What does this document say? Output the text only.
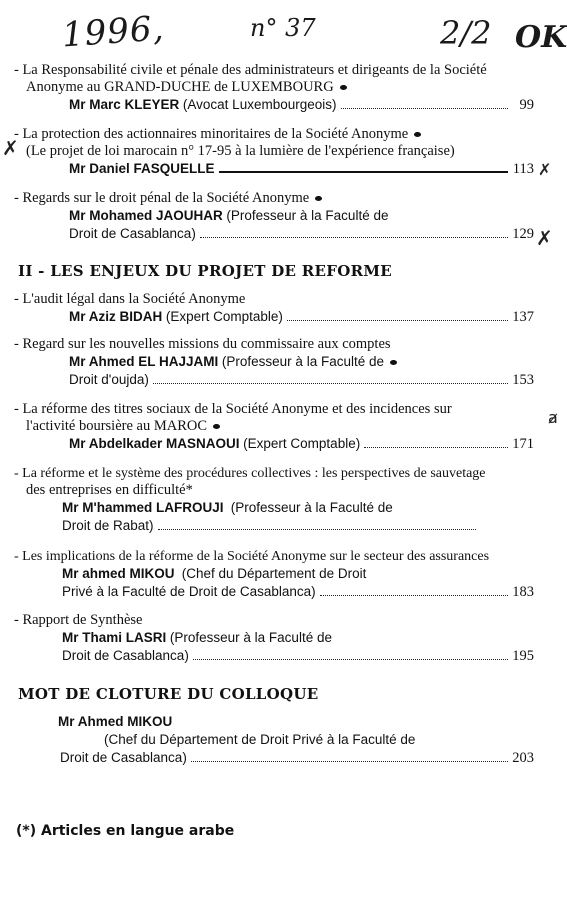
1996,	n° 37	2/2 OK
✗
✗
✗
ⱥ
- La Responsabilité civile et pénale des administrateurs et dirigeants de la Société
Anonyme au GRAND-DUCHE de LUXEMBOURG
Mr Marc KLEYER
(Avocat Luxembourgeois)	99
- La protection des actionnaires minoritaires de la Société Anonyme
(Le projet de loi marocain n° 17-95 à la lumière de l'expérience française)
Mr Daniel FASQUELLE	113
- Regards sur le droit pénal de la Société Anonyme
Mr Mohamed JAOUHAR (Professeur à la Faculté de
Droit de Casablanca)	129
II - LES ENJEUX DU PROJET DE REFORME
- L'audit légal dans la Société Anonyme
Mr Aziz BIDAH
(Expert Comptable)	137
- Regard sur les nouvelles missions du commissaire aux comptes
Mr Ahmed EL HAJJAMI (Professeur à la Faculté de
Droit d'oujda)	153
- La réforme des titres sociaux de la Société Anonyme et des incidences sur
l'activité boursière au MAROC
Mr Abdelkader MASNAOUI
(Expert Comptable)	171
- La réforme et le système des procédures collectives : les perspectives de sauvetage
des entreprises en difficulté*
Mr M'hammed LAFROUJI (Professeur à la Faculté de
Droit de Rabat)
- Les implications de la réforme de la Société Anonyme sur le secteur des assurances
Mr ahmed MIKOU (Chef du Département de Droit
Privé à la Faculté de Droit de Casablanca)	183
- Rapport de Synthèse
Mr Thami LASRI (Professeur à la Faculté de
Droit de Casablanca)	195
MOT DE CLOTURE DU COLLOQUE
Mr Ahmed MIKOU
(Chef du Département de Droit Privé à la Faculté de
Droit de Casablanca)	203
(*) Articles en langue arabe
